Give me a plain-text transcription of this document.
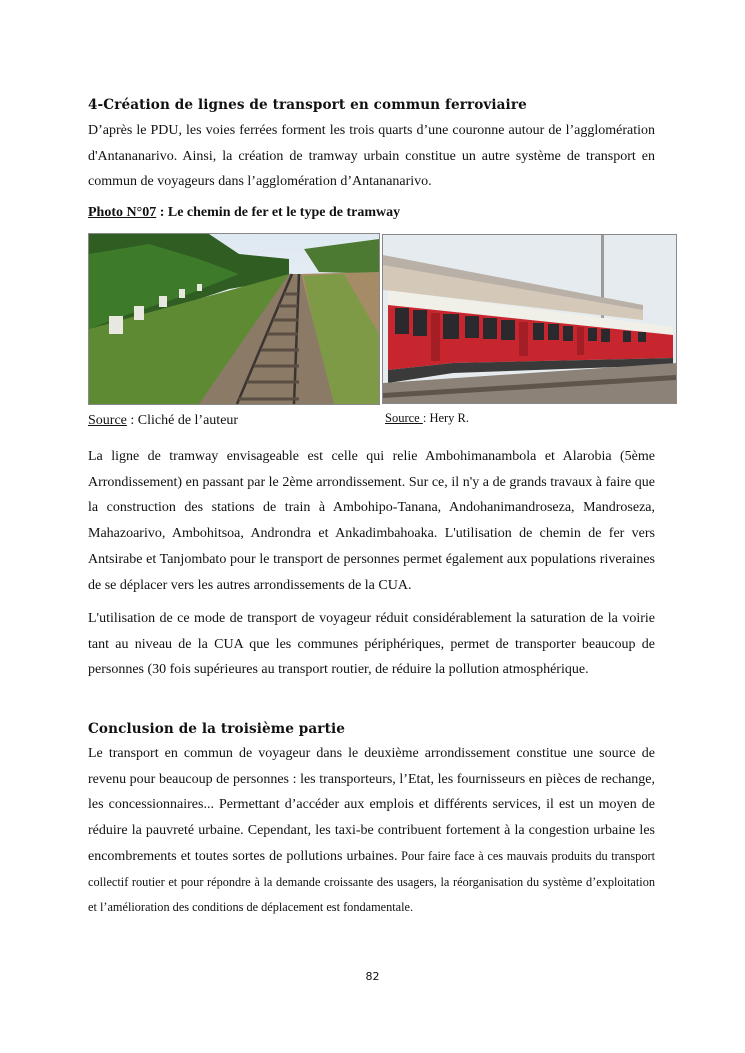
4-Création de lignes de transport en commun ferroviaire

D’après le PDU, les voies ferrées forment les trois quarts d’une couronne autour de l’agglomération d'Antananarivo. Ainsi, la création de tramway urbain constitue un autre système de transport en commun de voyageurs dans l’agglomération d’Antananarivo.

Photo N°07 : Le chemin de fer et le type de tramway
Source : Cliché de l’auteur	Source : Hery R.

La ligne de tramway envisageable est celle qui relie Ambohimanambola et Alarobia (5ème Arrondissement) en passant par le 2ème arrondissement. Sur ce, il n'y a de grands travaux à faire que la construction des stations de train à Ambohipo-Tanana, Andohanimandroseza, Mandroseza, Mahazoarivo, Ambohitsoa, Androndra et Ankadimbahoaka. L'utilisation de chemin de fer vers Antsirabe et Tanjombato pour le transport de personnes permet également aux populations riveraines de se déplacer vers les autres arrondissements de la CUA.

L'utilisation de ce mode de transport de voyageur réduit considérablement la saturation de la voirie tant au niveau de la CUA que les communes périphériques, permet de transporter beaucoup de personnes (30 fois supérieures au transport routier, de réduire la pollution atmosphérique.

Conclusion de la troisième partie

Le transport en commun de voyageur dans le deuxième arrondissement constitue une source de revenu pour beaucoup de personnes : les transporteurs, l’Etat, les fournisseurs en pièces de rechange, les concessionnaires... Permettant d’accéder aux emplois et différents services, il est un moyen de réduire la pauvreté urbaine. Cependant, les taxi-be contribuent fortement à la congestion urbaine les encombrements et toutes sortes de pollutions urbaines. Pour faire face à ces mauvais produits du transport collectif routier et pour répondre à la demande croissante des usagers, la réorganisation du système d’exploitation et l’amélioration des conditions de déplacement est fondamentale.

82
